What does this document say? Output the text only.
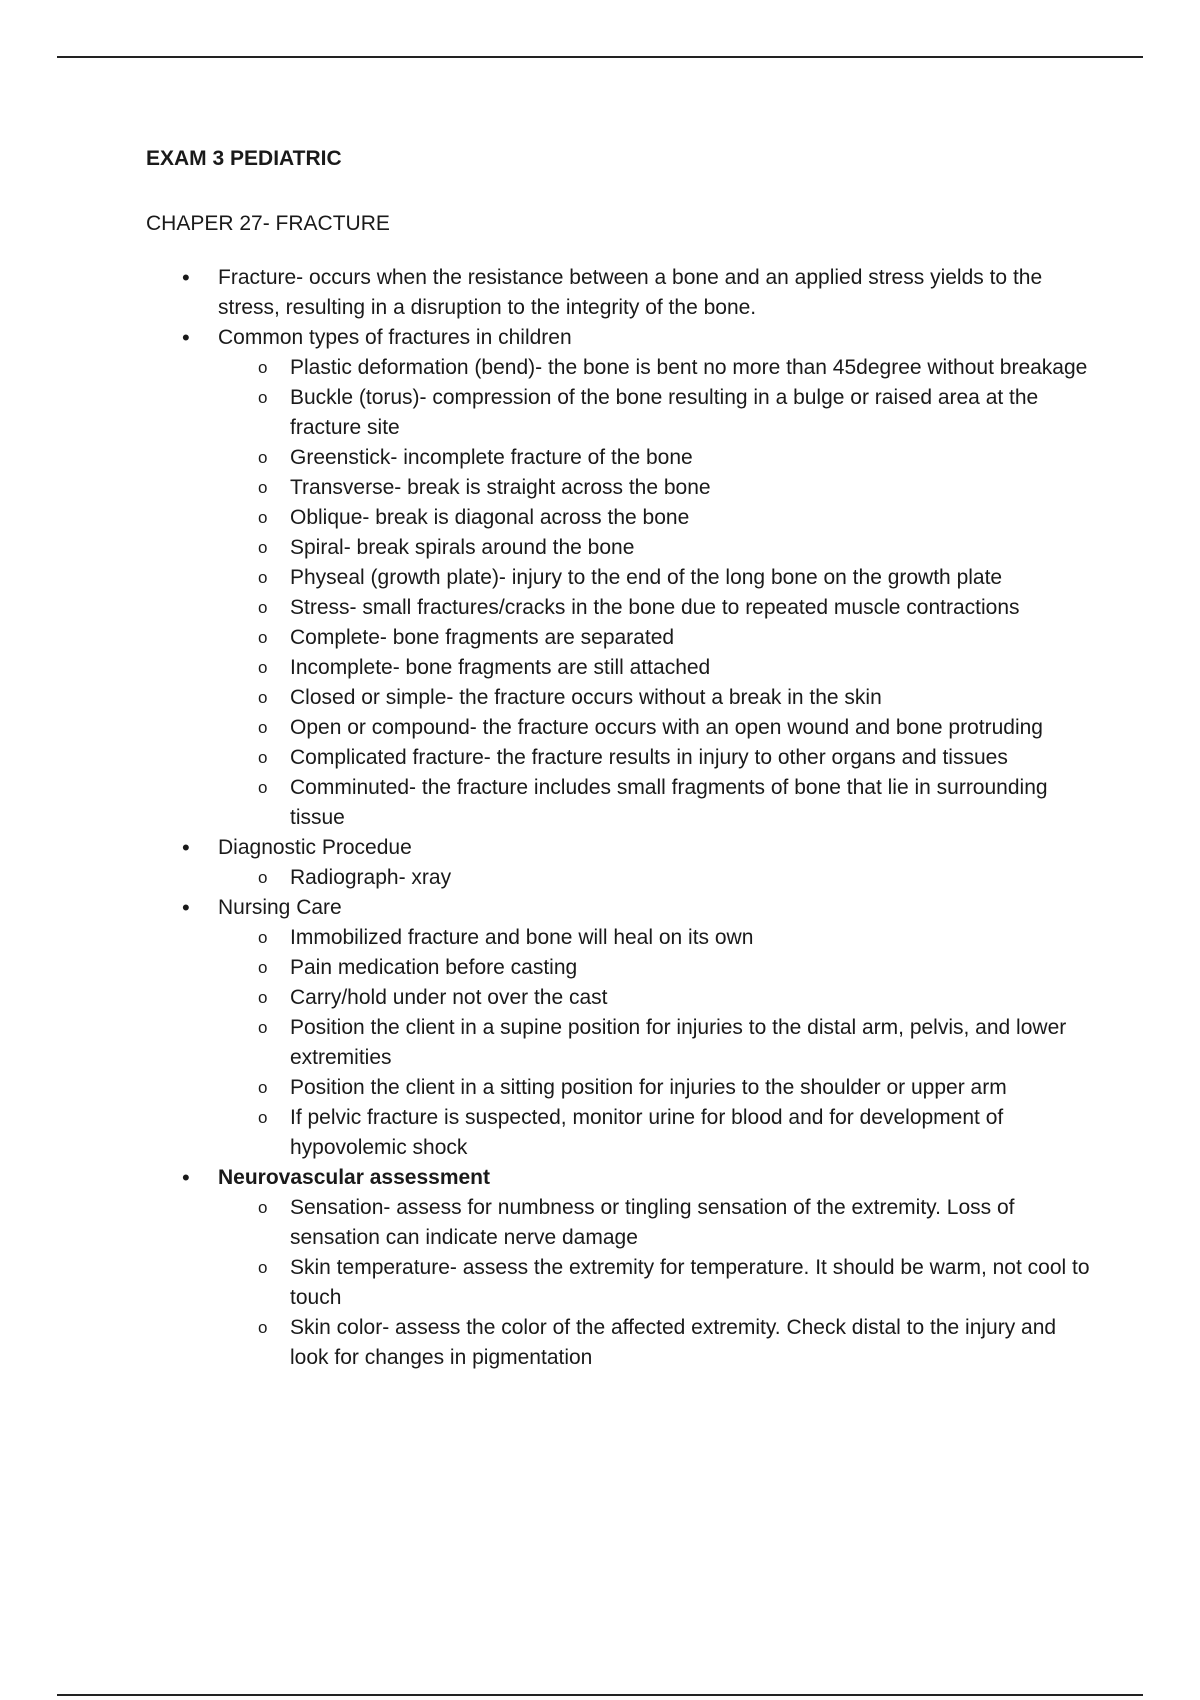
EXAM 3 PEDIATRIC

CHAPER 27- FRACTURE

• Fracture- occurs when the resistance between a bone and an applied stress yields to the stress, resulting in a disruption to the integrity of the bone.
• Common types of fractures in children
o Plastic deformation (bend)- the bone is bent no more than 45degree without breakage
o Buckle (torus)- compression of the bone resulting in a bulge or raised area at the fracture site
o Greenstick- incomplete fracture of the bone
o Transverse- break is straight across the bone
o Oblique- break is diagonal across the bone
o Spiral- break spirals around the bone
o Physeal (growth plate)- injury to the end of the long bone on the growth plate
o Stress- small fractures/cracks in the bone due to repeated muscle contractions
o Complete- bone fragments are separated
o Incomplete- bone fragments are still attached
o Closed or simple- the fracture occurs without a break in the skin
o Open or compound- the fracture occurs with an open wound and bone protruding
o Complicated fracture- the fracture results in injury to other organs and tissues
o Comminuted- the fracture includes small fragments of bone that lie in surrounding tissue
• Diagnostic Procedue
o Radiograph- xray
• Nursing Care
o Immobilized fracture and bone will heal on its own
o Pain medication before casting
o Carry/hold under not over the cast
o Position the client in a supine position for injuries to the distal arm, pelvis, and lower extremities
o Position the client in a sitting position for injuries to the shoulder or upper arm
o If pelvic fracture is suspected, monitor urine for blood and for development of hypovolemic shock
• Neurovascular assessment
o Sensation- assess for numbness or tingling sensation of the extremity. Loss of sensation can indicate nerve damage
o Skin temperature- assess the extremity for temperature. It should be warm, not cool to touch
o Skin color- assess the color of the affected extremity. Check distal to the injury and look for changes in pigmentation
